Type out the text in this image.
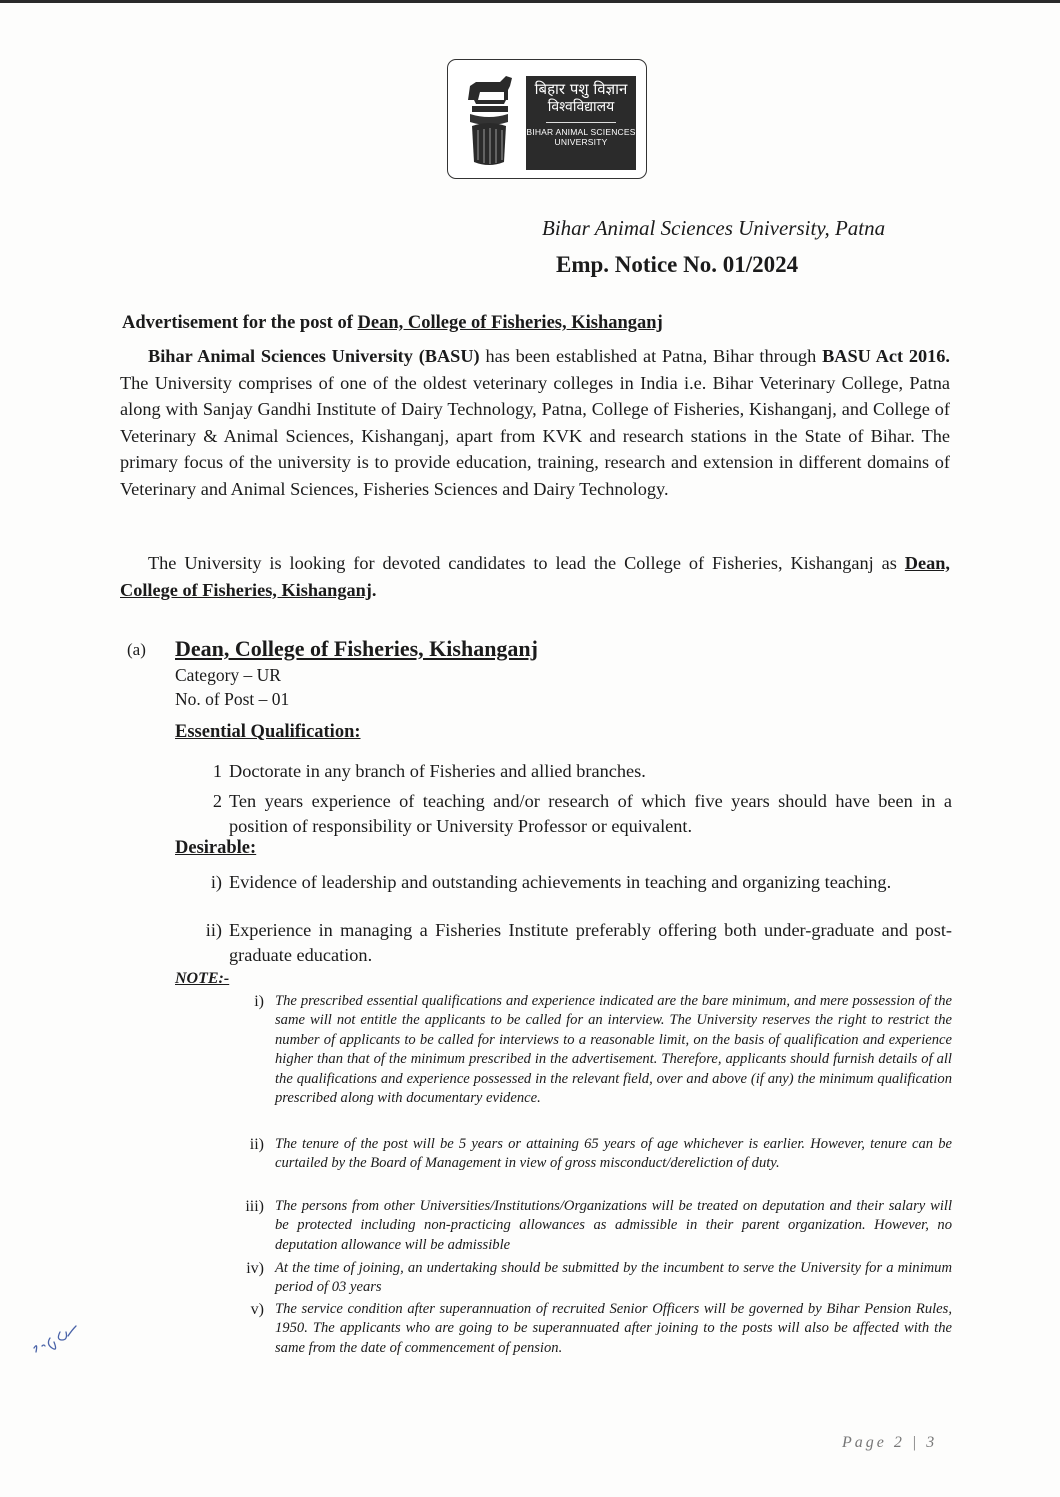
बिहार पशु विज्ञान
विश्वविद्यालय
BIHAR ANIMAL SCIENCES
UNIVERSITY
Bihar Animal Sciences University, Patna
Emp. Notice No. 01/2024
Advertisement for the post of Dean, College of Fisheries, Kishanganj

Bihar Animal Sciences University (BASU) has been established at Patna, Bihar through BASU Act 2016. The University comprises of one of the oldest veterinary colleges in India i.e. Bihar Veterinary College, Patna along with Sanjay Gandhi Institute of Dairy Technology, Patna, College of Fisheries, Kishanganj, and College of Veterinary & Animal Sciences, Kishanganj, apart from KVK and research stations in the State of Bihar. The primary focus of the university is to provide education, training, research and extension in different domains of Veterinary and Animal Sciences, Fisheries Sciences and Dairy Technology.

The University is looking for devoted candidates to lead the College of Fisheries, Kishanganj as Dean, College of Fisheries, Kishanganj.

(a) Dean, College of Fisheries, Kishanganj
Category – UR
No. of Post – 01
Essential Qualification:
1 Doctorate in any branch of Fisheries and allied branches.
2 Ten years experience of teaching and/or research of which five years should have been in a position of responsibility or University Professor or equivalent.
Desirable:
i) Evidence of leadership and outstanding achievements in teaching and organizing teaching.
ii) Experience in managing a Fisheries Institute preferably offering both under-graduate and post-graduate education.
NOTE:-
i) The prescribed essential qualifications and experience indicated are the bare minimum, and mere possession of the same will not entitle the applicants to be called for an interview. The University reserves the right to restrict the number of applicants to be called for interviews to a reasonable limit, on the basis of qualification and experience higher than that of the minimum prescribed in the advertisement. Therefore, applicants should furnish details of all the qualifications and experience possessed in the relevant field, over and above (if any) the minimum qualification prescribed along with documentary evidence.
ii) The tenure of the post will be 5 years or attaining 65 years of age whichever is earlier. However, tenure can be curtailed by the Board of Management in view of gross misconduct/dereliction of duty.
iii) The persons from other Universities/Institutions/Organizations will be treated on deputation and their salary will be protected including non-practicing allowances as admissible in their parent organization. However, no deputation allowance will be admissible
iv) At the time of joining, an undertaking should be submitted by the incumbent to serve the University for a minimum period of 03 years
v) The service condition after superannuation of recruited Senior Officers will be governed by Bihar Pension Rules, 1950. The applicants who are going to be superannuated after joining to the posts will also be affected with the same from the date of commencement of pension.
Page 2 | 3
